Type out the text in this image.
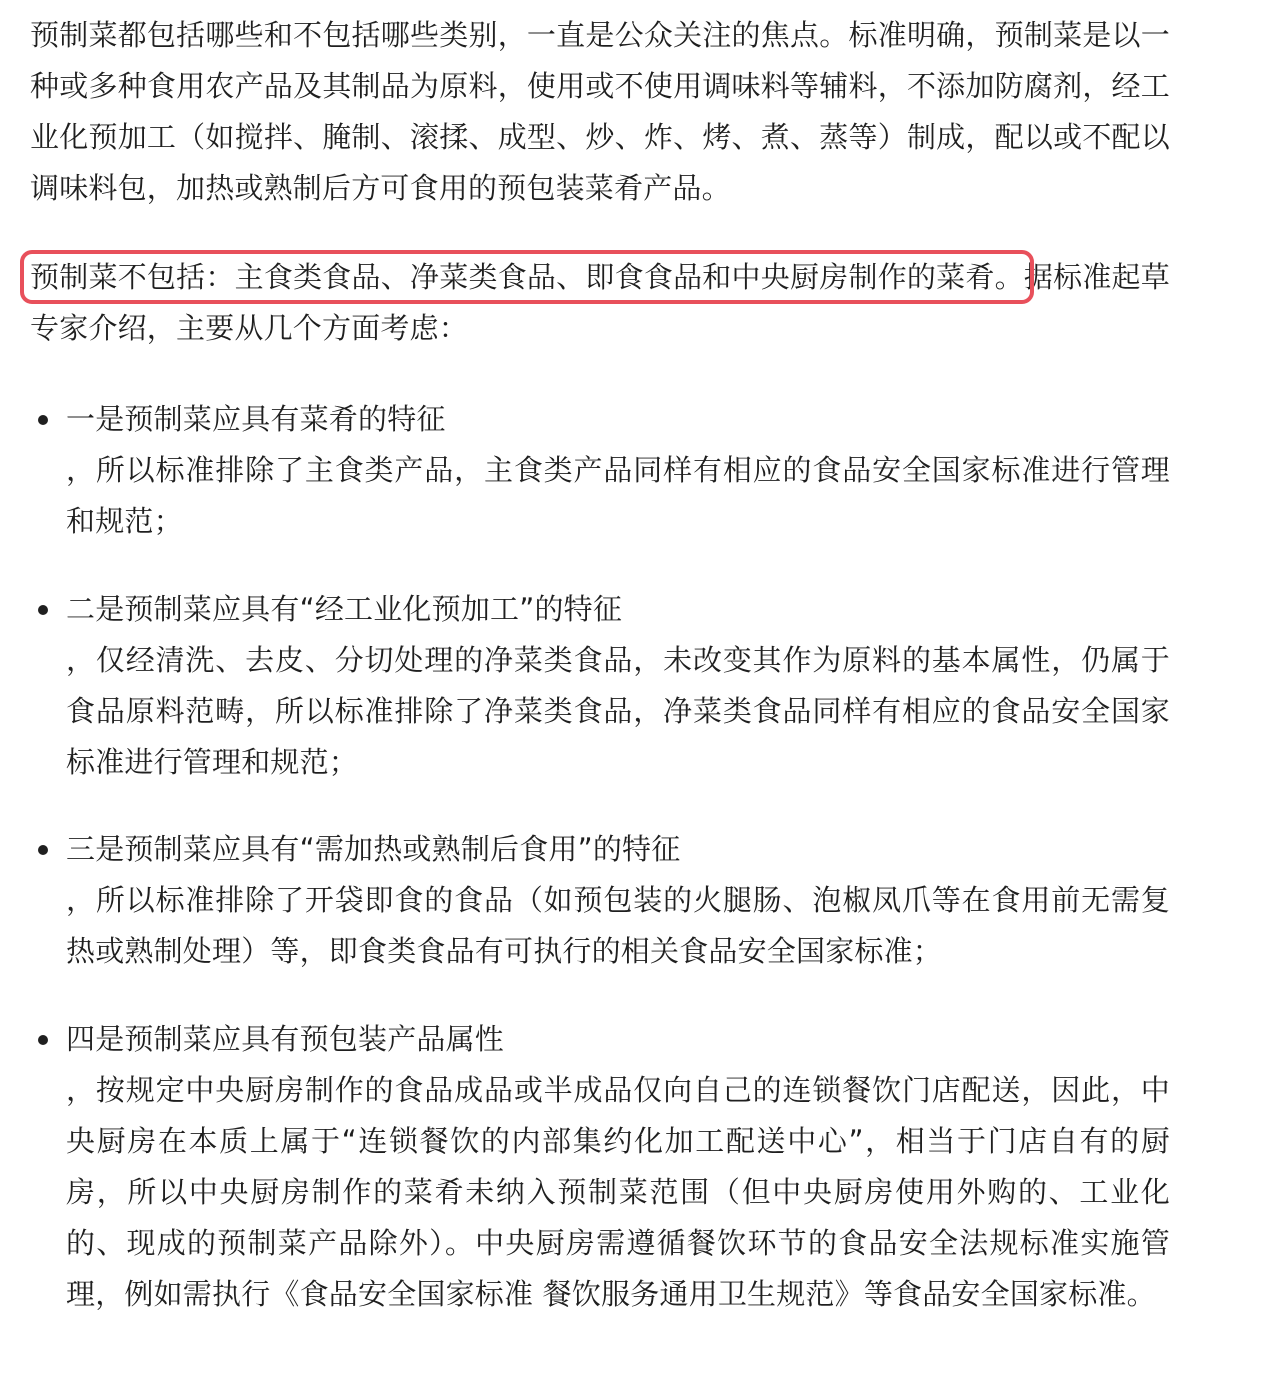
预制菜都包括哪些和不包括哪些类别，一直是公众关注的焦点。标准明确，预制菜是以一种或多种食用农产品及其制品为原料，使用或不使用调味料等辅料，不添加防腐剂，经工业化预加工（如搅拌、腌制、滚揉、成型、炒、炸、烤、煮、蒸等）制成，配以或不配以调味料包，加热或熟制后方可食用的预包装菜肴产品。

预制菜不包括：主食类食品、净菜类食品、即食食品和中央厨房制作的菜肴。据标准起草专家介绍，主要从几个方面考虑：

一是预制菜应具有菜肴的特征
，所以标准排除了主食类产品，主食类产品同样有相应的食品安全国家标准进行管理和规范；
二是预制菜应具有“经工业化预加工”的特征
，仅经清洗、去皮、分切处理的净菜类食品，未改变其作为原料的基本属性，仍属于食品原料范畴，所以标准排除了净菜类食品，净菜类食品同样有相应的食品安全国家标准进行管理和规范；
三是预制菜应具有“需加热或熟制后食用”的特征
，所以标准排除了开袋即食的食品（如预包装的火腿肠、泡椒凤爪等在食用前无需复热或熟制处理）等，即食类食品有可执行的相关食品安全国家标准；
四是预制菜应具有预包装产品属性
，按规定中央厨房制作的食品成品或半成品仅向自己的连锁餐饮门店配送，因此，中央厨房在本质上属于“连锁餐饮的内部集约化加工配送中心”，相当于门店自有的厨房，所以中央厨房制作的菜肴未纳入预制菜范围（但中央厨房使用外购的、工业化的、现成的预制菜产品除外）。中央厨房需遵循餐饮环节的食品安全法规标准实施管理，例如需执行《食品安全国家标准 餐饮服务通用卫生规范》等食品安全国家标准。
